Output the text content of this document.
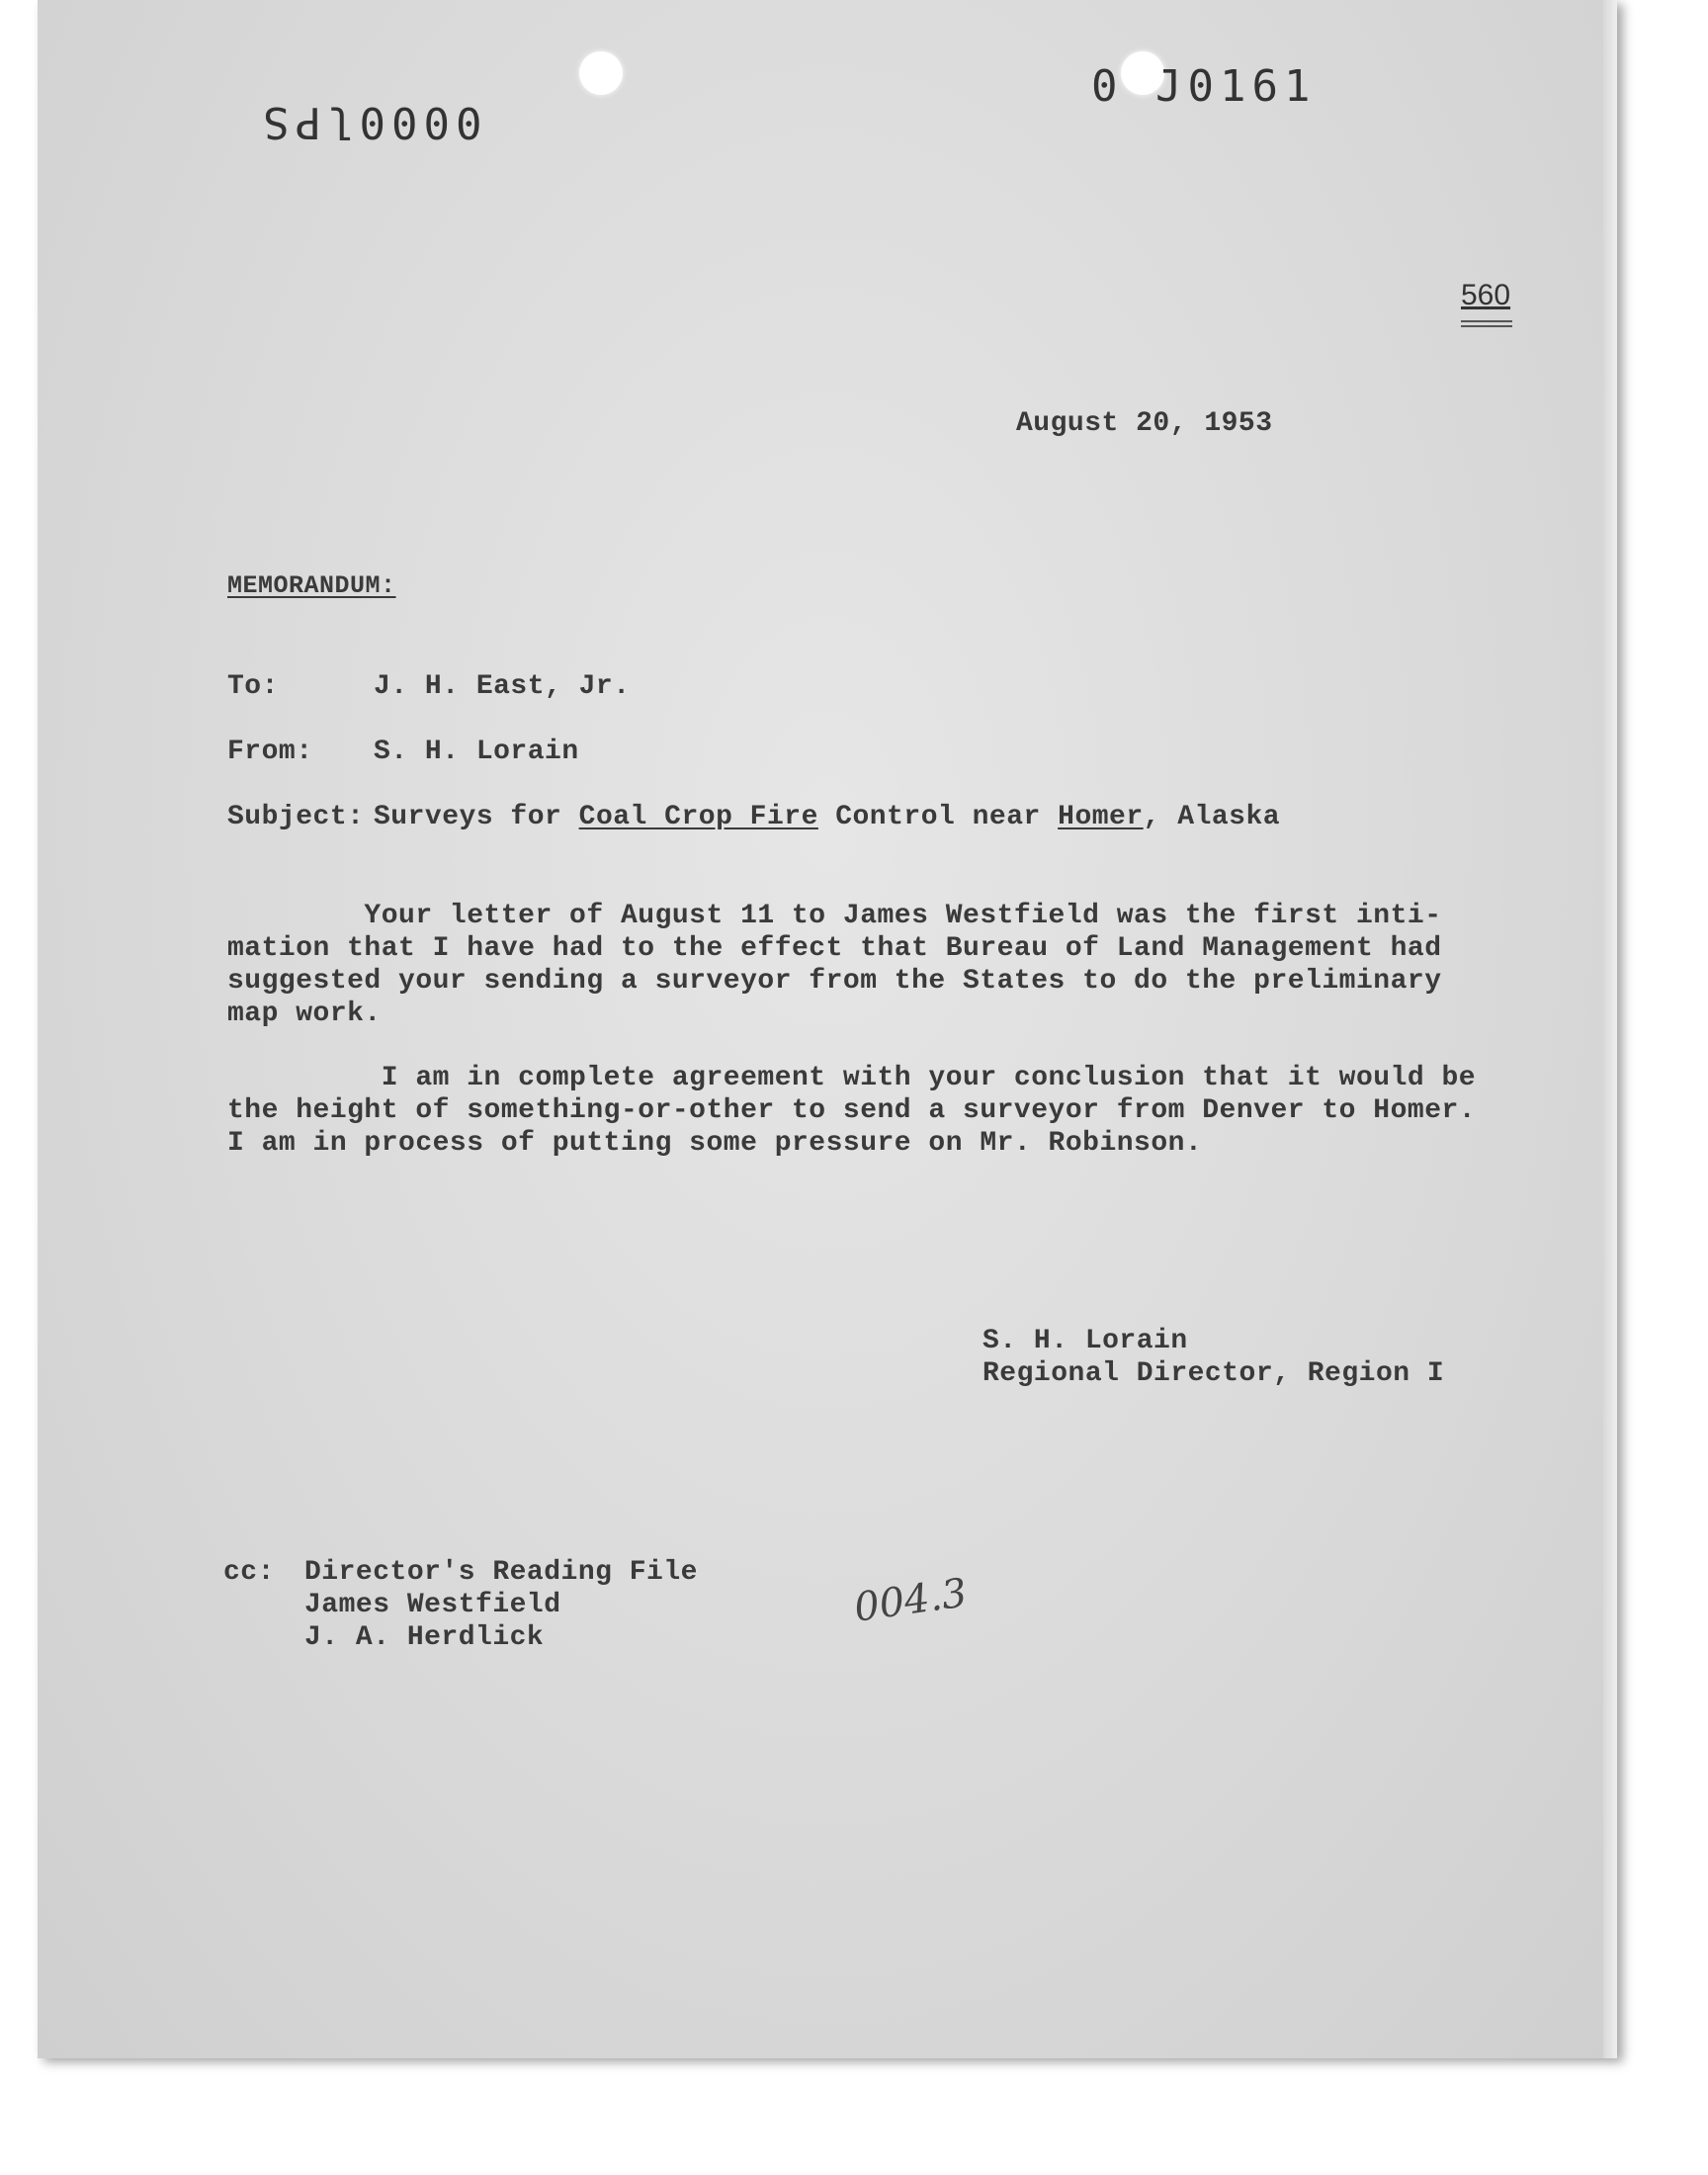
0000lPS
0 J0161
560
August 20, 1953
MEMORANDUM:
To:	J. H. East, Jr.
From: S. H. Lorain
Subject: Surveys for Coal Crop Fire Control near Homer, Alaska
Your letter of August 11 to James Westfield was the first inti-
mation that I have had to the effect that Bureau of Land Management had
suggested your sending a surveyor from the States to do the preliminary
map work.
I am in complete agreement with your conclusion that it would be
the height of something-or-other to send a surveyor from Denver to Homer.
I am in process of putting some pressure on Mr. Robinson.
S. H. Lorain
Regional Director, Region I
cc: Director's Reading File
James Westfield
J. A. Herdlick
004.3
